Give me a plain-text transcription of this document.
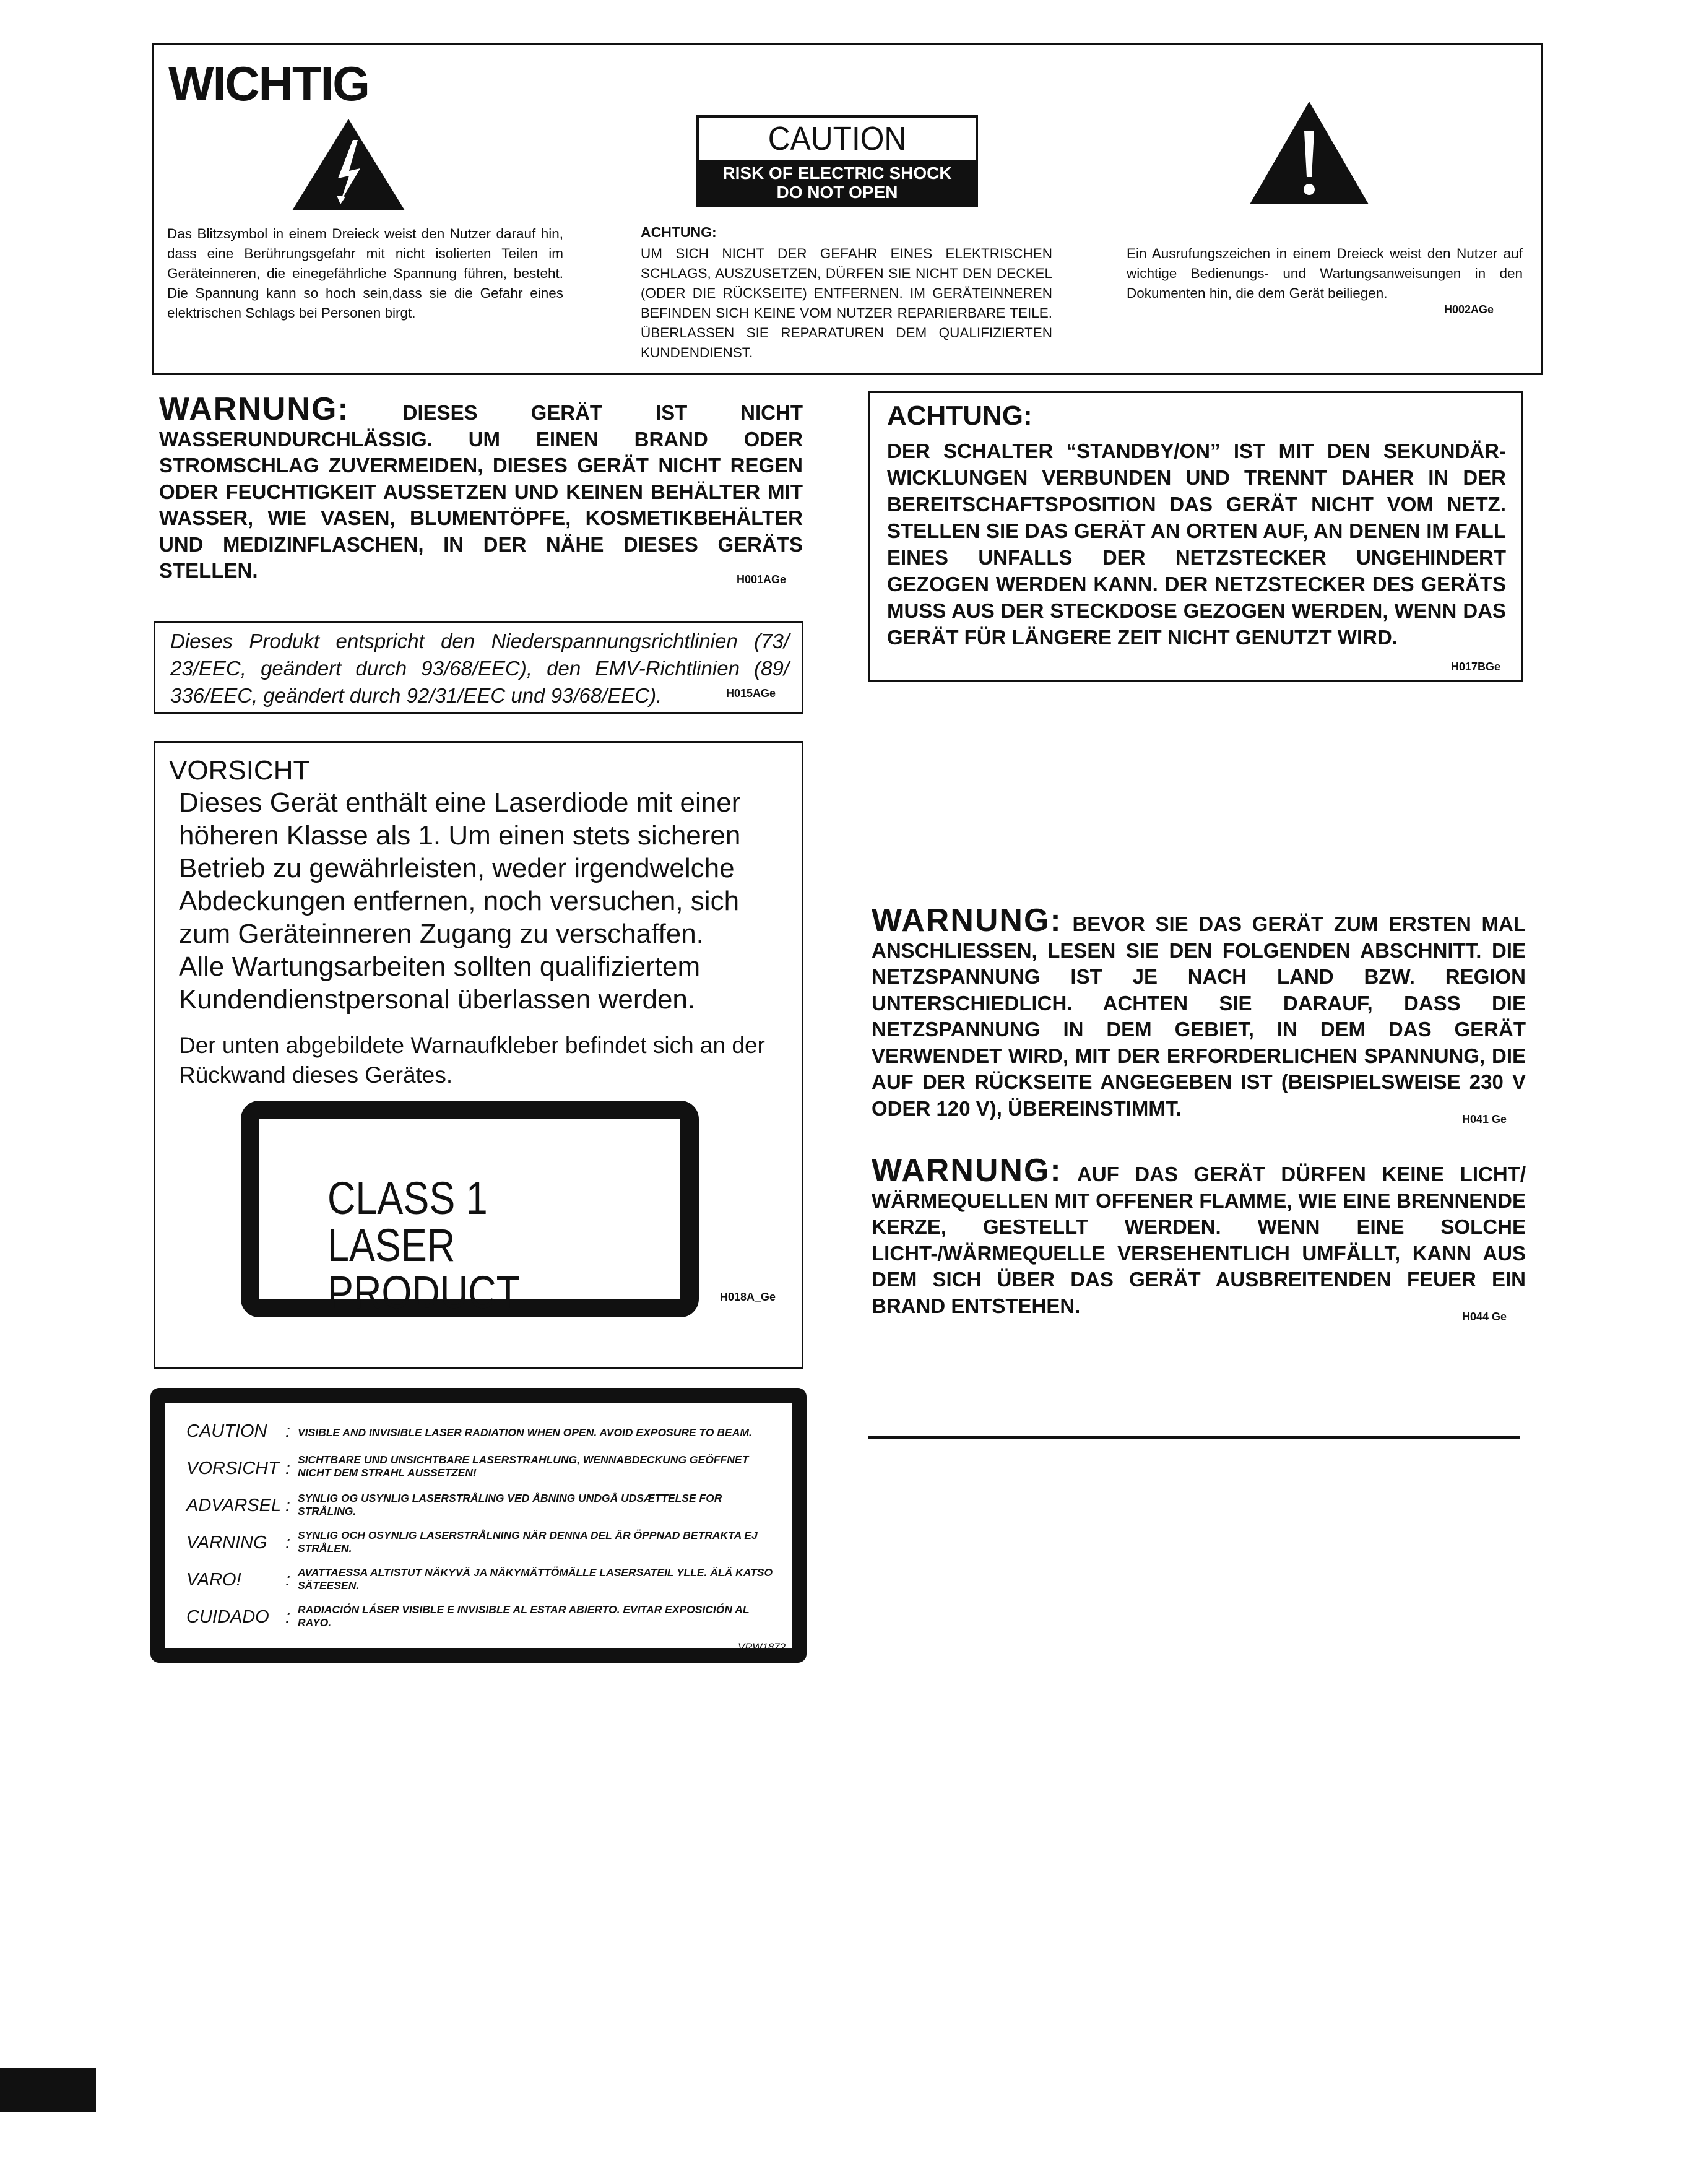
WICHTIG
CAUTION
RISK OF ELECTRIC SHOCK
DO NOT OPEN
Das Blitzsymbol in einem Dreieck weist den Nutzer darauf hin, dass eine Berührungsgefahr mit nicht isolierten Teilen im Geräteinneren, die einegefährliche Spannung führen, besteht. Die Spannung kann so hoch sein,dass sie die Gefahr eines elektrischen Schlags bei Personen birgt.
ACHTUNG:
UM SICH NICHT DER GEFAHR EINES ELEKTRISCHEN SCHLAGS, AUSZUSETZEN, DÜRFEN SIE NICHT DEN DECKEL (ODER DIE RÜCKSEITE) ENTFERNEN. IM GERÄTEINNEREN BEFINDEN SICH KEINE VOM NUTZER REPARIERBARE TEILE. ÜBERLASSEN SIE REPARATUREN DEM QUALIFIZIERTEN KUNDENDIENST.
Ein Ausrufungszeichen in einem Dreieck weist den Nutzer auf wichtige Bedienungs- und Wartungsanweisungen in den Dokumenten hin, die dem Gerät beiliegen.
H002AGe
WARNUNG:	DIESES GERÄT IST NICHT WASSERUNDURCHLÄSSIG. UM EINEN BRAND ODER STROMSCHLAG ZUVERMEIDEN, DIESES GERÄT NICHT REGEN ODER FEUCHTIGKEIT AUSSETZEN UND KEINEN BEHÄLTER MIT WASSER, WIE VASEN, BLUMENTÖPFE, KOSMETIKBEHÄLTER UND MEDIZINFLASCHEN, IN DER NÄHE DIESES GERÄTS STELLEN.	H001AGe
Dieses Produkt entspricht den Niederspannungsrichtlinien (73/ 23/EEC, geändert durch 93/68/EEC), den EMV-Richtlinien (89/ 336/EEC, geändert durch 92/31/EEC und 93/68/EEC).	H015AGe
VORSICHT
Dieses Gerät enthält eine Laserdiode mit einer höheren Klasse als 1. Um einen stets sicheren Betrieb zu gewährleisten, weder irgendwelche Abdeckungen entfernen, noch versuchen, sich zum Geräteinneren Zugang zu verschaffen.
Alle Wartungsarbeiten sollten qualifiziertem Kundendienstpersonal überlassen werden.
Der unten abgebildete Warnaufkleber befindet sich an der Rückwand dieses Gerätes.
CLASS 1
LASER PRODUCT	H018A_Ge
CAUTION : VISIBLE AND INVISIBLE LASER RADIATION WHEN OPEN. AVOID EXPOSURE TO BEAM.
VORSICHT : SICHTBARE UND UNSICHTBARE LASERSTRAHLUNG, WENNABDECKUNG GEÖFFNET NICHT DEM STRAHL AUSSETZEN!
ADVARSEL : SYNLIG OG USYNLIG LASERSTRÅLING VED ÅBNING UNDGÅ UDSÆTTELSE FOR STRÅLING.
VARNING : SYNLIG OCH OSYNLIG LASERSTRÅLNING NÄR DENNA DEL ÄR ÖPPNAD BETRAKTA EJ STRÅLEN.
VARO! : AVATTAESSA ALTISTUT NÄKYVÄ JA NÄKYMÄTTÖMÄLLE LASERSATEIL YLLE. ÄLÄ KATSO SÄTEESEN.
CUIDADO : RADIACIÓN LÁSER VISIBLE E INVISIBLE AL ESTAR ABIERTO. EVITAR EXPOSICIÓN AL RAYO.
VRW1872
ACHTUNG:
DER SCHALTER “STANDBY/ON” IST MIT DEN SEKUNDÄR-WICKLUNGEN VERBUNDEN UND TRENNT DAHER IN DER BEREITSCHAFTSPOSITION DAS GERÄT NICHT VOM NETZ. STELLEN SIE DAS GERÄT AN ORTEN AUF, AN DENEN IM FALL EINES UNFALLS DER NETZSTECKER UNGEHINDERT GEZOGEN WERDEN KANN. DER NETZSTECKER DES GERÄTS MUSS AUS DER STECKDOSE GEZOGEN WERDEN, WENN DAS GERÄT FÜR LÄNGERE ZEIT NICHT GENUTZT WIRD.
H017BGe
WARNUNG: BEVOR SIE DAS GERÄT ZUM ERSTEN MAL ANSCHLIESSEN, LESEN SIE DEN FOLGENDEN ABSCHNITT. DIE NETZSPANNUNG IST JE NACH LAND BZW. REGION UNTERSCHIEDLICH. ACHTEN SIE DARAUF, DASS DIE NETZSPANNUNG IN DEM GEBIET, IN DEM DAS GERÄT VERWENDET WIRD, MIT DER ERFORDERLICHEN SPANNUNG, DIE AUF DER RÜCKSEITE ANGEGEBEN IST (BEISPIELSWEISE 230 V ODER 120 V), ÜBEREINSTIMMT.	H041 Ge
WARNUNG: AUF DAS GERÄT DÜRFEN KEINE LICHT/ WÄRMEQUELLEN MIT OFFENER FLAMME, WIE EINE BRENNENDE KERZE, GESTELLT WERDEN. WENN EINE SOLCHE LICHT-/WÄRMEQUELLE VERSEHENTLICH UMFÄLLT, KANN AUS DEM SICH ÜBER DAS GERÄT AUSBREITENDEN FEUER EIN BRAND ENTSTEHEN.	H044 Ge
